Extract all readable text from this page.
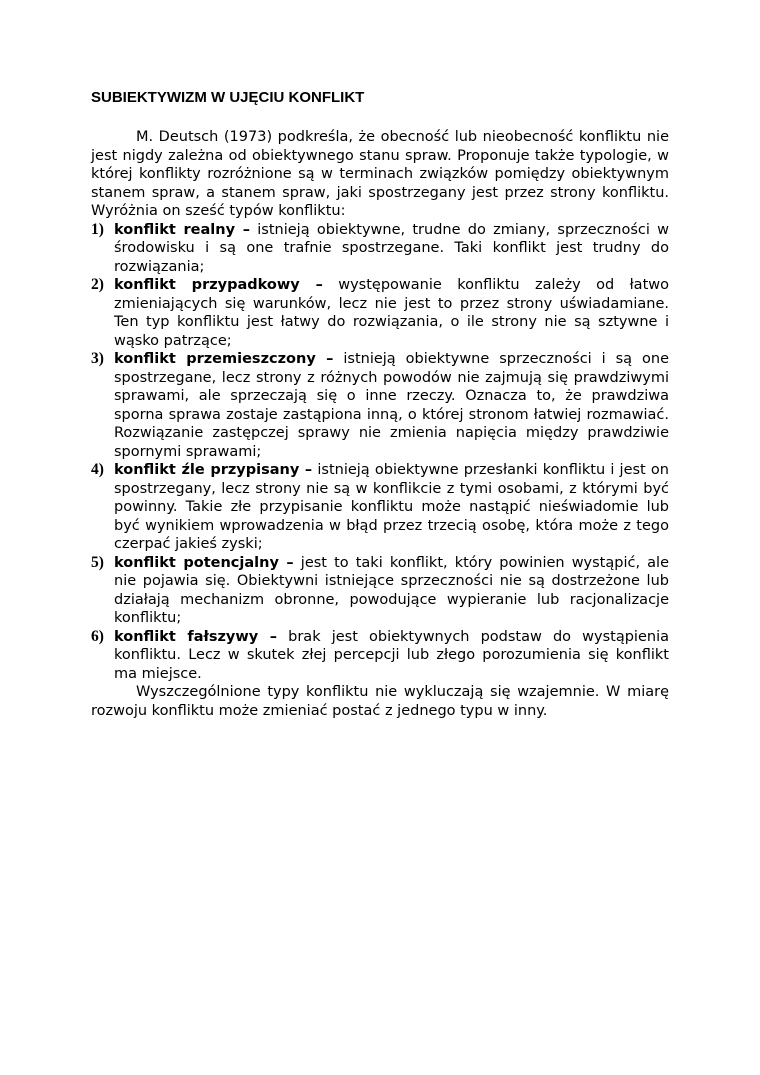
SUBIEKTYWIZM W UJĘCIU KONFLIKT

M. Deutsch (1973) podkreśla, że obecność lub nieobecność konfliktu nie jest nigdy zależna od obiektywnego stanu spraw. Proponuje także typologie, w której konflikty rozróżnione są w terminach związków pomiędzy obiektywnym stanem spraw, a stanem spraw, jaki spostrzegany jest przez strony konfliktu. Wyróżnia on sześć typów konfliktu:

1) konflikt realny – istnieją obiektywne, trudne do zmiany, sprzeczności w środowisku i są one trafnie spostrzegane. Taki konflikt jest trudny do rozwiązania;
2) konflikt przypadkowy – występowanie konfliktu zależy od łatwo zmieniających się warunków, lecz nie jest to przez strony uświadamiane. Ten typ konfliktu jest łatwy do rozwiązania, o ile strony nie są sztywne i wąsko patrzące;
3) konflikt przemieszczony – istnieją obiektywne sprzeczności i są one spostrzegane, lecz strony z różnych powodów nie zajmują się prawdziwymi sprawami, ale sprzeczają się o inne rzeczy. Oznacza to, że prawdziwa sporna sprawa zostaje zastąpiona inną, o której stronom łatwiej rozmawiać. Rozwiązanie zastępczej sprawy nie zmienia napięcia między prawdziwie spornymi sprawami;
4) konflikt źle przypisany – istnieją obiektywne przesłanki konfliktu i jest on spostrzegany, lecz strony nie są w konflikcie z tymi osobami, z którymi być powinny. Takie złe przypisanie konfliktu może nastąpić nieświadomie lub być wynikiem wprowadzenia w błąd przez trzecią osobę, która może z tego czerpać jakieś zyski;
5) konflikt potencjalny – jest to taki konflikt, który powinien wystąpić, ale nie pojawia się. Obiektywni istniejące sprzeczności nie są dostrzeżone lub działają mechanizm obronne, powodujące wypieranie lub racjonalizacje konfliktu;
6) konflikt fałszywy – brak jest obiektywnych podstaw do wystąpienia konfliktu. Lecz w skutek złej percepcji lub złego porozumienia się konflikt ma miejsce.

Wyszczególnione typy konfliktu nie wykluczają się wzajemnie. W miarę rozwoju konfliktu może zmieniać postać z jednego typu w inny.
